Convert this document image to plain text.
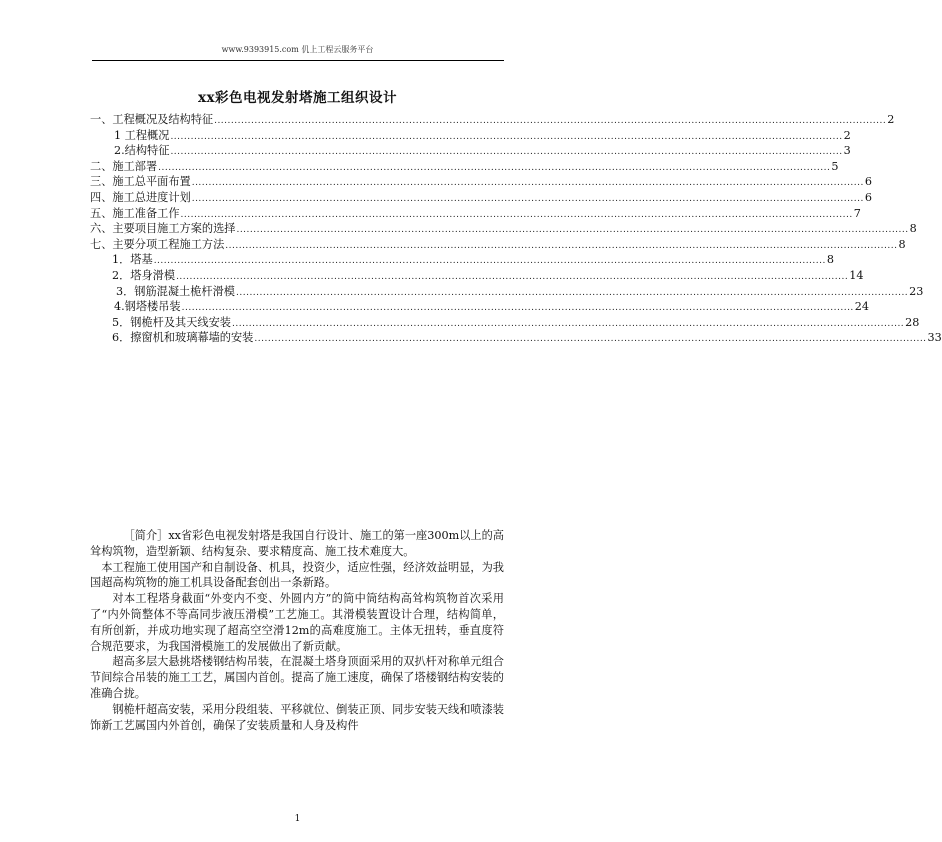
www.9393915.com 仉上工程云服务平台
xx彩色电视发射塔施工组织设计
一、工程概况及结构特征 ........................................................................................................................................................................................................ 2
1 工程概况 ........................................................................................................................................................................................................ 2
2.结构特征 ........................................................................................................................................................................................................ 3
二、施工部署 ........................................................................................................................................................................................................ 5
三、施工总平面布置 ........................................................................................................................................................................................................ 6
四、施工总进度计划 ........................................................................................................................................................................................................ 6
五、施工准备工作 ........................................................................................................................................................................................................ 7
六、主要项目施工方案的选择 ........................................................................................................................................................................................................ 8
七、主要分项工程施工方法 ........................................................................................................................................................................................................ 8
1．塔基 ........................................................................................................................................................................................................ 8
2．塔身滑模 ........................................................................................................................................................................................................ 14
3．钢筋混凝土桅杆滑模 ........................................................................................................................................................................................................ 23
4.钢塔楼吊装 ........................................................................................................................................................................................................ 24
5．钢桅杆及其天线安装 ........................................................................................................................................................................................................ 28
6．擦窗机和玻璃幕墙的安装 ........................................................................................................................................................................................................ 33

［简介］xx省彩色电视发射塔是我国自行设计、施工的第一座300m以上的高耸构筑物，造型新颖、结构复杂、要求精度高、施工技术难度大。

本工程施工使用国产和自制设备、机具，投资少，适应性强，经济效益明显，为我国超高构筑物的施工机具设备配套创出一条新路。

对本工程塔身截面“外变内不变、外圆内方”的筒中筒结构高耸构筑物首次采用了“内外筒整体不等高同步液压滑模”工艺施工。其滑模装置设计合理，结构简单，有所创新，并成功地实现了超高空空滑12m的高难度施工。主体无扭转，垂直度符合规范要求，为我国滑模施工的发展做出了新贡献。

超高多层大悬挑塔楼钢结构吊装，在混凝土塔身顶面采用的双扒杆对称单元组合节间综合吊装的施工工艺，属国内首创。提高了施工速度，确保了塔楼钢结构安装的准确合拢。

钢桅杆超高安装，采用分段组装、平移就位、倒装正顶、同步安装天线和喷漆装饰新工艺属国内外首创，确保了安装质量和人身及构件

1
